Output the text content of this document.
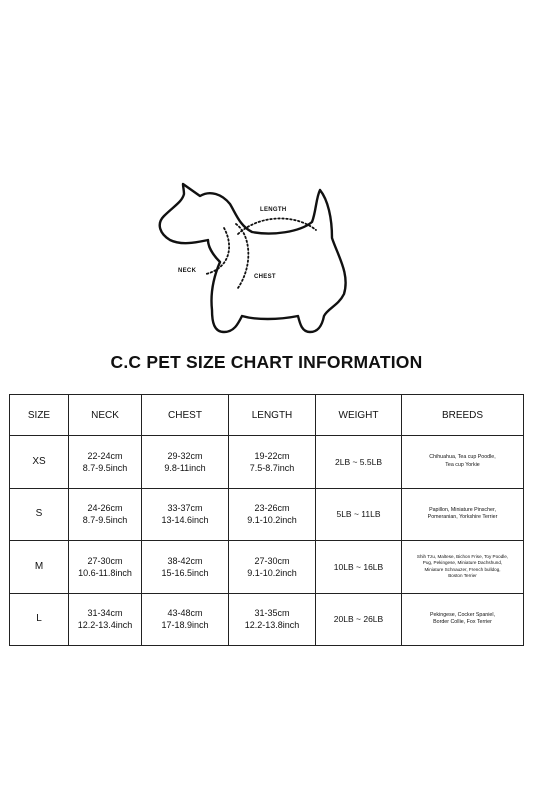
LENGTH
NECK
CHEST
C.C PET SIZE CHART INFORMATION
SIZE	NECK	CHEST	LENGTH	WEIGHT	BREEDS
XS	22-24cm
8.7-9.5inch	29-32cm
9.8-11inch	19-22cm
7.5-8.7inch	2LB ~ 5.5LB	Chihuahua, Tea cup Poodle,
Tea cup Yorkie

S	24-26cm
8.7-9.5inch	33-37cm
13-14.6inch	23-26cm
9.1-10.2inch	5LB ~ 11LB	Papillon, Miniature Pinscher,
Pomeranian, Yorkshire Terrier

M	27-30cm
10.6-11.8inch	38-42cm
15-16.5inch	27-30cm
9.1-10.2inch	10LB ~ 16LB	Shih Tzu, Maltese, Bichon Frise, Toy Poodle,
Pug, Pekingese, Miniature Dachshund,
Miniature Schnauzer, French bulldog,
Boston Terrier

L	31-34cm
12.2-13.4inch	43-48cm
17-18.9inch	31-35cm
12.2-13.8inch	20LB ~ 26LB	Pekingese, Cocker Spaniel,
Border Collie, Fox Terrier
